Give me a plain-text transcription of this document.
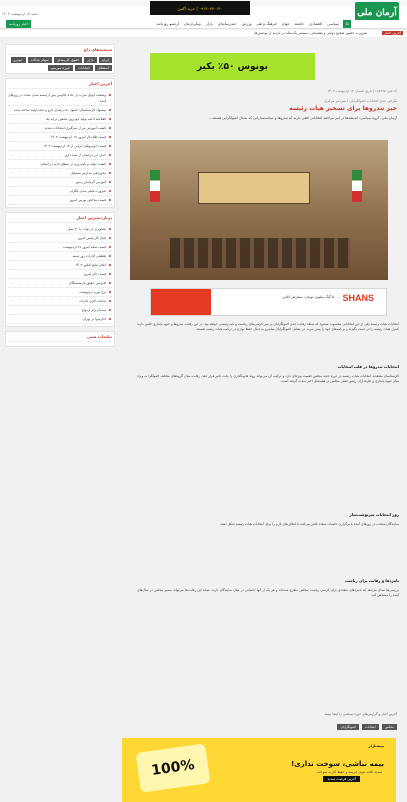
آرمان ملی
۰۹۱۲۰۷۷۰۱۴۰ | خرید آکنین
شنبه ۱۷ اردیبهشت ۱۴۰۳
⌂
سیاسی
اقتصادی
جامعه
جهان
فرهنگ و هنر
ورزش
چندرسانه‌ای
بازار
ویکی‌ارمان
آرشیو روزنامه
اخبار روزنامه
آخرین اخبار
ضرورت حضور صحیح دولتی و پشتیبانی، مستمر یک‌ساله در بازدید از پوشش‌ها
منتخبه‌های داغ
ایران
بازار
حقوق کارمندان
سهام عدالت
خودرو
استقلال
انتخابات
خوزه مورینیو
آخرین اخبار
وضعیت آبهای شرب در جاده چالوس پس ازایسبه شدن مجدد در روزهای آینده
پیشنهاد کارشناسان: کمبود ۵۰ درصدی دارو و ماده اولیه ساخته شده
اطلاعیه ادامه تولید خودروی شاهین درجه یک
کیفیت آموزش نیز از سرگیری امتحانات شدید
قیمت طلا دلار امروز ۱۷ اردیبهشت ۱۴۰۳
قیمت خودروهای ایرانی از ۱۷ اردیبهشت ۱۴۰۳
حذف ارز ترجیحی از سبد دارو
کیفیت تولید برنامه‌ریزی در سطح جدید در استان
مجوزدهی مدارس مستقل
آموزش گرمایش زمین
ضرورت فیلتر شدن تلگرام
قیمت شاخص بورس امروز
پربازدیدترین اخبار
تصاویری از دولت با ۳۰ نسل
پایان کار پلیس امروز
قیمت سکه امروز ۱۷ اردیبهشت
تعطیلی ادارات روز شنبه
اعلام نتایج کنکور ۱۴۰۳
قیمت دلار امروز
افزایش حقوق بازنشستگان
نرخ تورم اردیبهشت
ساعت کاری ادارات
ثبت‌نام وام ازدواج
اجاره‌بها در تهران
تبلیغات متنی
بونوس ۵۰٪ بکیر
کد خبر: ۱۸۸۸۹۵ | تاریخ انتشار: ۱۷ اردیبهشت ۱۴۰۳
نگرانی جدی انتخابات اصولگرایان / سردبیر مرکزی
خیز تندروها برای تسخیر هیات رئیسه
آرمان ملی- گروه سیاسی: اندیشه‌ها در امر مراجعه انتخاباتی افقی دارند که تندروها و سیاستمدارانی که بدنبال اصولگرایی هستند...
۵ گیگ میلیون تومان؛ سفارش آنلاین SHANS
انتخابات هیات رئیسه یکی از این انتخاباتی محسوب میشود که شاهد رقابت جدی اصولگرایان بر سر کرسی‌های ریاست و نایب‌رئیسی خواهد بود. در این رقابت تندروها و جبهه پایداری تلاش دارند کنترل هیات رئیسه را در دست بگیرند و برنامه‌های خود را پیش ببرند. در مقابل، اصولگرایان میانه‌رو به دنبال حفظ توازن در ترکیب هیات رئیسه هستند.
انتخابات تندروها در قلب انتخابات
کارشناسان معتقدند انتخابات هیات رئیسه در دوره جدید مجلس اهمیت ویژه‌ای دارد و ترکیب آن می‌تواند روند قانونگذاری را تحت تاثیر قرار دهد. رقابت میان گروه‌های مختلف اصولگرا به ویژه میان جبهه پایداری و طرفداران رئیس فعلی مجلس در هفته‌های اخیر شدت گرفته است.
روز انتخابات سرنوشت‌ساز
نمایندگان منتخب در روزهای آینده با برگزاری جلسات متعدد تلاش می‌کنند تا ائتلاف‌های لازم را برای انتخابات هیات رئیسه شکل دهند.
نامزدها و رقابت برای ریاست
بررسی‌ها نشان می‌دهد که نامزدهای متعددی برای کرسی ریاست مجلس مطرح شده‌اند و هر یک از آنها حامیانی در میان نمایندگان دارند. نتیجه این رقابت‌ها می‌تواند مسیر مجلس در سال‌های آینده را مشخص کند.
آخرین اخبار و گزارش‌های حوزه سیاسی را اینجا ببینید
مجلس
انتخابات
اصولگرایان
بیمه‌بازار
بیمه نباشی، سوخت نداری!
تمدید ثالث بدون جریمه و حفظ کارت سوخت
آخرین فرصت تمدید
100%
